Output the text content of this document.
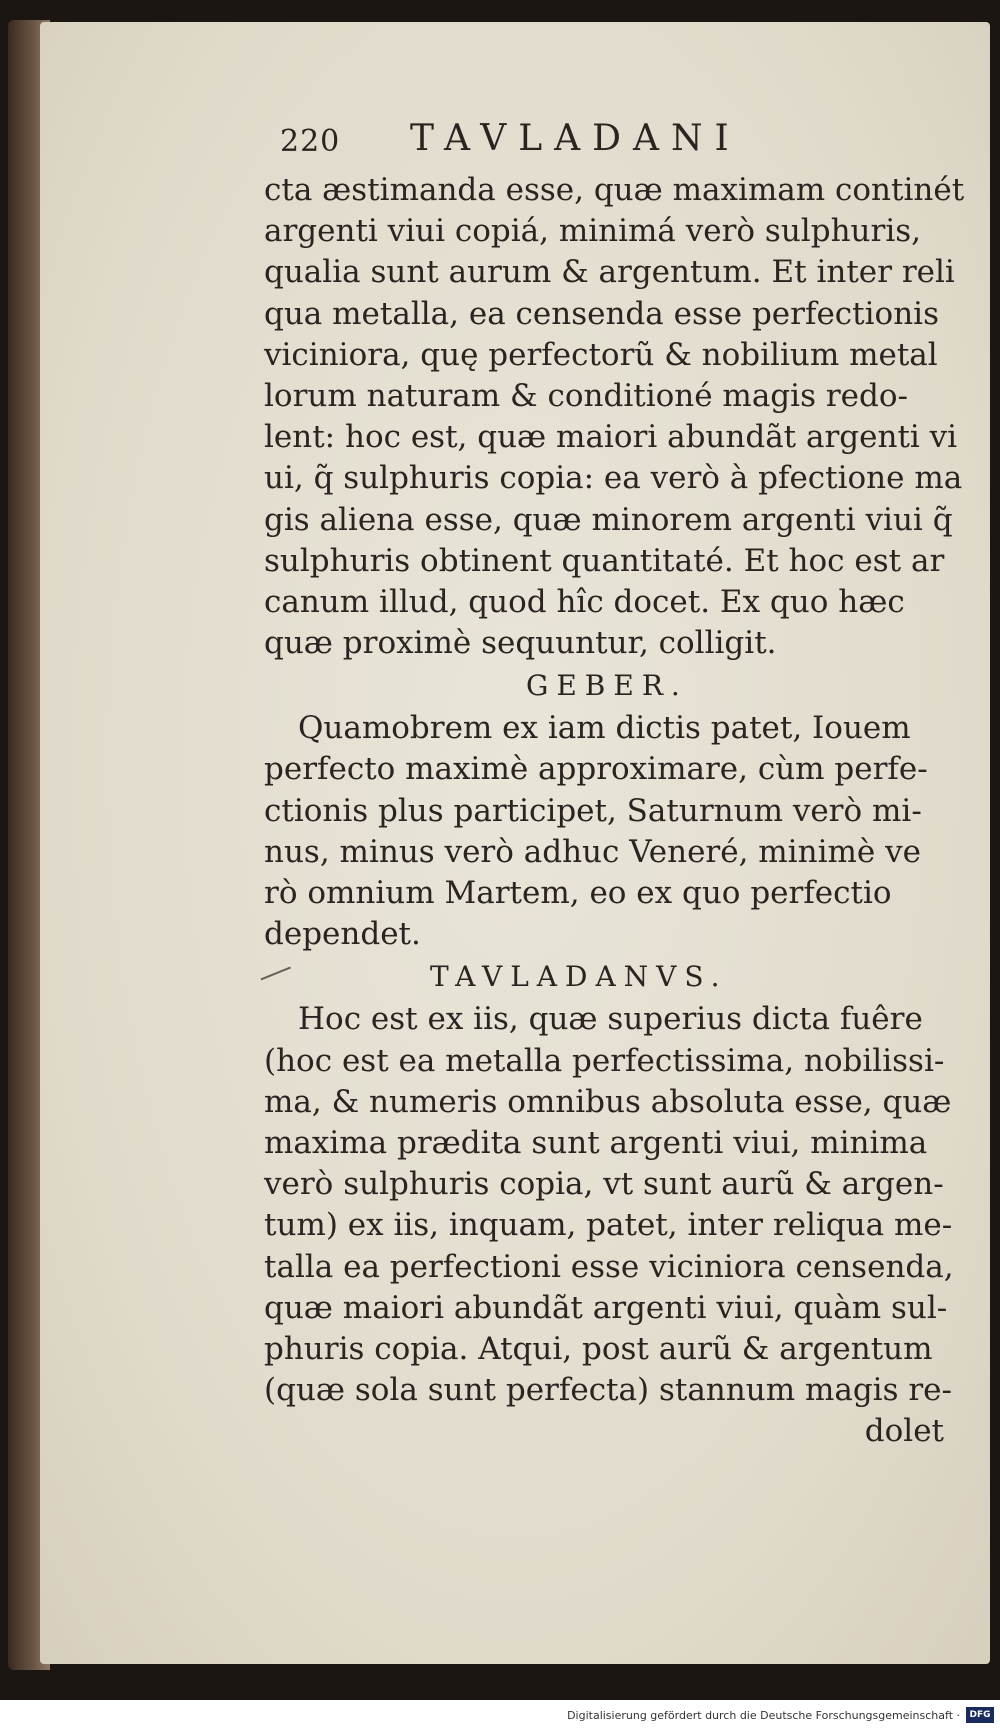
220 TAVLADANI
cta æstimanda esse, quæ maximam continét
argenti viui copiá, minimá verò sulphuris,
qualia sunt aurum & argentum. Et inter reli
qua metalla, ea censenda esse perfectionis
viciniora, quę perfectorũ & nobilium metal
lorum naturam & conditioné magis redo-
lent: hoc est, quæ maiori abundãt argenti vi
ui, q̃ sulphuris copia: ea verò à pfectione ma
gis aliena esse, quæ minorem argenti viui q̃
sulphuris obtinent quantitaté. Et hoc est ar
canum illud, quod hîc docet. Ex quo hæc
quæ proximè sequuntur, colligit.
GEBER.
Quamobrem ex iam dictis patet, Iouem
perfecto maximè approximare, cùm perfe-
ctionis plus participet, Saturnum verò mi-
nus, minus verò adhuc Veneré, minimè ve
rò omnium Martem, eo ex quo perfectio
dependet.
TAVLADANVS.
Hoc est ex iis, quæ superius dicta fuêre
(hoc est ea metalla perfectissima, nobilissi-
ma, & numeris omnibus absoluta esse, quæ
maxima prædita sunt argenti viui, minima
verò sulphuris copia, vt sunt aurũ & argen-
tum) ex iis, inquam, patet, inter reliqua me-
talla ea perfectioni esse viciniora censenda,
quæ maiori abundãt argenti viui, quàm sul-
phuris copia. Atqui, post aurũ & argentum
(quæ sola sunt perfecta) stannum magis re-
dolet
Digitalisierung gefördert durch die Deutsche Forschungsgemeinschaft ·	DFG
